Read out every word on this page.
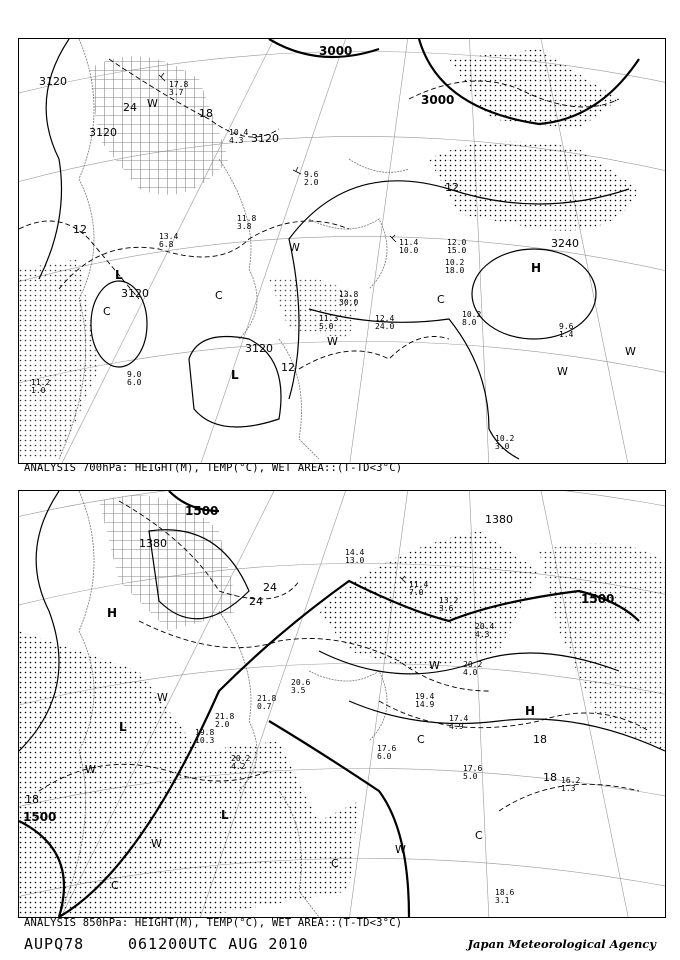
3120
3120	3120
3120
3120
3000
3000
3240
24	18
12
12
12
L
L
H
C
C	C
W
W
W
W
W
17.8
3.7
10.4
4.3
9.6
2.0
11.8
3.8
13.4
6.8	11.4
10.0
12.0
15.0
10.2
8.0	9.6
1.4
10.2
3.0
11.2
1.0
9.0
6.0
11.3
5.0
13.8
30.0
12.4
24.0
10.2
18.0
ANALYSIS 700hPa: HEIGHT(M), TEMP(°C), WET AREA::(T-TD<3°C)
1500
1380
1380
1500
1500
24
24
18
18
18
H
H
L
L
C
C
C
C
W
W
W
W
W
14.4
13.0
11.4
7.0
13.2
3.6
20.4
4.3
20.2
4.0
19.4
14.9
17.4
4.9
17.6
5.0	16.2
1.3
18.6
3.1
20.6
3.5
21.8
0.7
19.8
10.3
20.2
4.2
17.6
6.0
21.8
2.0
ANALYSIS 850hPa: HEIGHT(M), TEMP(°C), WET AREA::(T-TD<3°C)
AUPQ78	061200UTC AUG 2010	Japan Meteorological Agency
